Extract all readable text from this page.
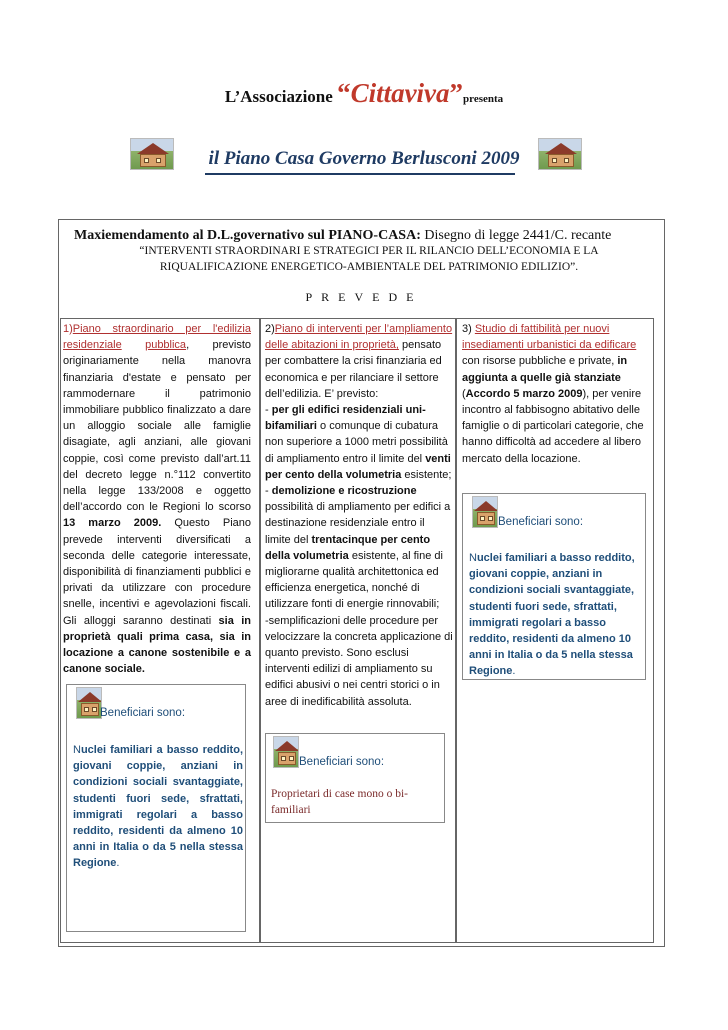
L’Associazione “Cittaviva”presenta
il Piano Casa Governo Berlusconi 2009
Maxiemendamento al D.L.governativo sul PIANO-CASA: Disegno di legge 2441/C. recante
“INTERVENTI STRAORDINARI E STRATEGICI PER IL RILANCIO DELL’ECONOMIA E LA
RIQUALIFICAZIONE ENERGETICO-AMBIENTALE DEL PATRIMONIO EDILIZIO”.
PREVEDE
1)Piano straordinario per l'edilizia residenziale pubblica, previsto originariamente nella manovra finanziaria d'estate e pensato per rammodernare il patrimonio immobiliare pubblico finalizzato a dare un alloggio sociale alle famiglie disagiate, agli anziani, alle giovani coppie, così come previsto dall’art.11 del decreto legge n.°112 convertito nella legge 133/2008 e oggetto dell’accordo con le Regioni lo scorso 13 marzo 2009. Questo Piano prevede interventi diversificati a seconda delle categorie interessate, disponibilità di finanziamenti pubblici e privati da utilizzare con procedure snelle, incentivi e agevolazioni fiscali. Gli alloggi saranno destinati sia in proprietà quali prima casa, sia in locazione a canone sostenibile e a canone sociale.
Beneficiari sono:
Nuclei familiari a basso reddito, giovani coppie, anziani in condizioni sociali svantaggiate, studenti fuori sede, sfrattati, immigrati regolari a basso reddito, residenti da almeno 10 anni in Italia o da 5 nella stessa Regione.
2)Piano di interventi per l’ampliamento delle abitazioni in proprietà, pensato per combattere la crisi finanziaria ed economica e per rilanciare il settore dell’edilizia. E’ previsto:
- per gli edifici residenziali uni-bifamiliari o comunque di cubatura non superiore a 1000 metri possibilità di ampliamento entro il limite del venti per cento della volumetria esistente;
- demolizione e ricostruzione possibilità di ampliamento per edifici a destinazione residenziale entro il limite del trentacinque per cento della volumetria esistente, al fine di migliorarne qualità architettonica ed efficienza energetica, nonché di utilizzare fonti di energie rinnovabili;
-semplificazioni delle procedure per velocizzare la concreta applicazione di quanto previsto. Sono esclusi interventi edilizi di ampliamento su edifici abusivi o nei centri storici o in aree di inedificabilità assoluta.
Beneficiari sono:
Proprietari di case mono o bi-familiari
3) Studio di fattibilità per nuovi insediamenti urbanistici da edificare con risorse pubbliche e private, in aggiunta a quelle già stanziate (Accordo 5 marzo 2009), per venire incontro al fabbisogno abitativo delle famiglie o di particolari categorie, che hanno difficoltà ad accedere al libero mercato della locazione.
Beneficiari sono:
Nuclei familiari a basso reddito, giovani coppie, anziani in condizioni sociali svantaggiate, studenti fuori sede, sfrattati, immigrati regolari a basso reddito, residenti da almeno 10 anni in Italia o da 5 nella stessa Regione.
